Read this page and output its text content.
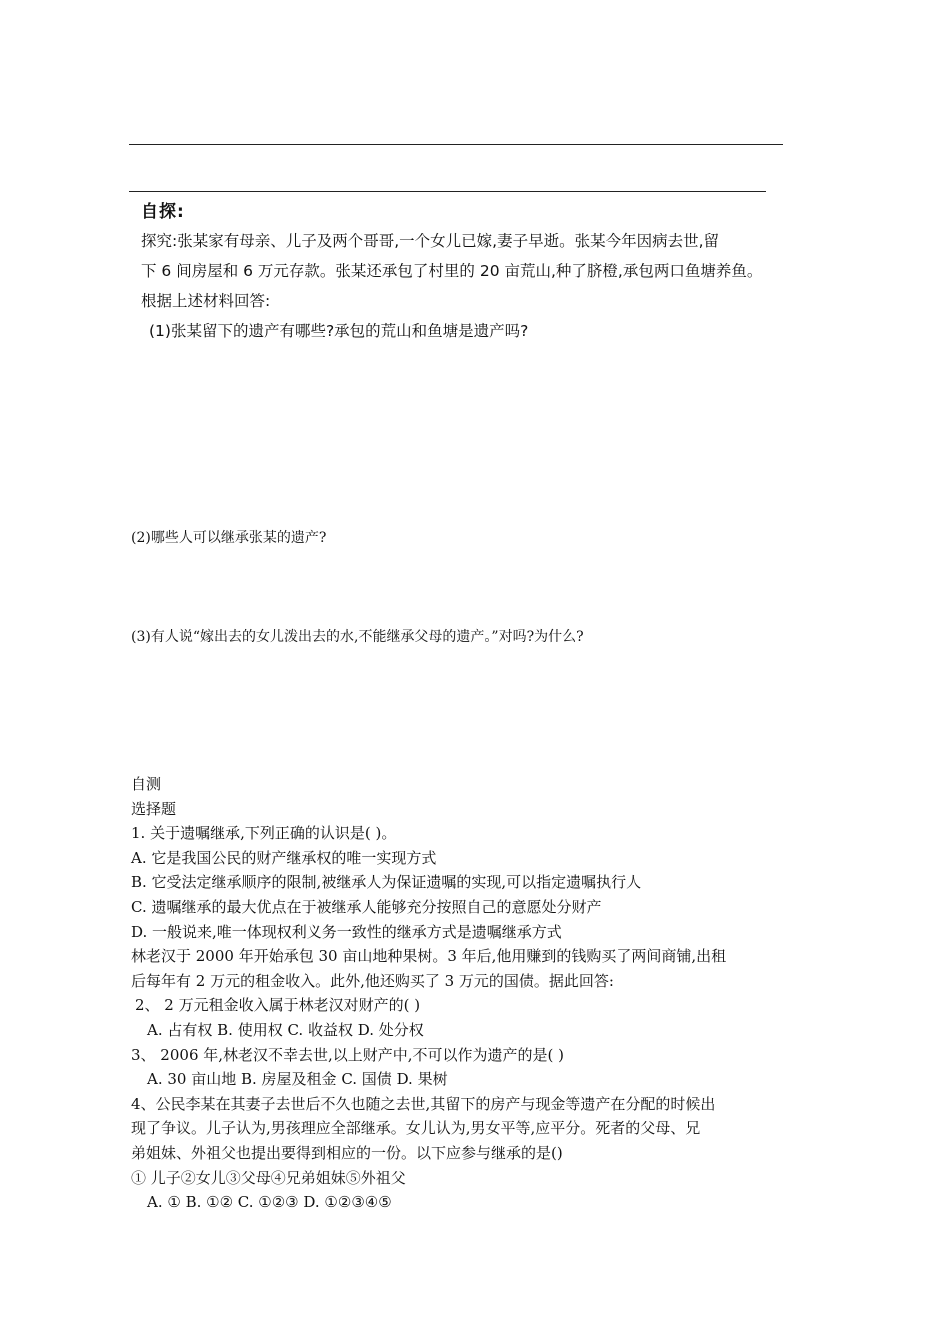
自探:

探究:张某家有母亲、儿子及两个哥哥,一个女儿已嫁,妻子早逝。张某今年因病去世,留

下 6 间房屋和 6 万元存款。张某还承包了村里的 20 亩荒山,种了脐橙,承包两口鱼塘养鱼。

根据上述材料回答:

(1)张某留下的遗产有哪些?承包的荒山和鱼塘是遗产吗?

(2)哪些人可以继承张某的遗产?
(3)有人说“嫁出去的女儿泼出去的水,不能继承父母的遗产。”对吗?为什么?

自测

选择题

1. 关于遗嘱继承,下列正确的认识是( )。

A. 它是我国公民的财产继承权的唯一实现方式

B. 它受法定继承顺序的限制,被继承人为保证遗嘱的实现,可以指定遗嘱执行人

C. 遗嘱继承的最大优点在于被继承人能够充分按照自己的意愿处分财产

D. 一般说来,唯一体现权利义务一致性的继承方式是遗嘱继承方式

林老汉于 2000 年开始承包 30 亩山地种果树。3 年后,他用赚到的钱购买了两间商铺,出租

后每年有 2 万元的租金收入。此外,他还购买了 3 万元的国债。据此回答:

2、 2 万元租金收入属于林老汉对财产的( )

A. 占有权 B. 使用权 C. 收益权 D. 处分权

3、 2006 年,林老汉不幸去世,以上财产中,不可以作为遗产的是( )

A. 30 亩山地 B. 房屋及租金 C. 国债 D. 果树

4、公民李某在其妻子去世后不久也随之去世,其留下的房产与现金等遗产在分配的时候出

现了争议。儿子认为,男孩理应全部继承。女儿认为,男女平等,应平分。死者的父母、兄

弟姐妹、外祖父也提出要得到相应的一份。以下应参与继承的是()

① 儿子②女儿③父母④兄弟姐妹⑤外祖父

A. ① B. ①② C. ①②③ D. ①②③④⑤
